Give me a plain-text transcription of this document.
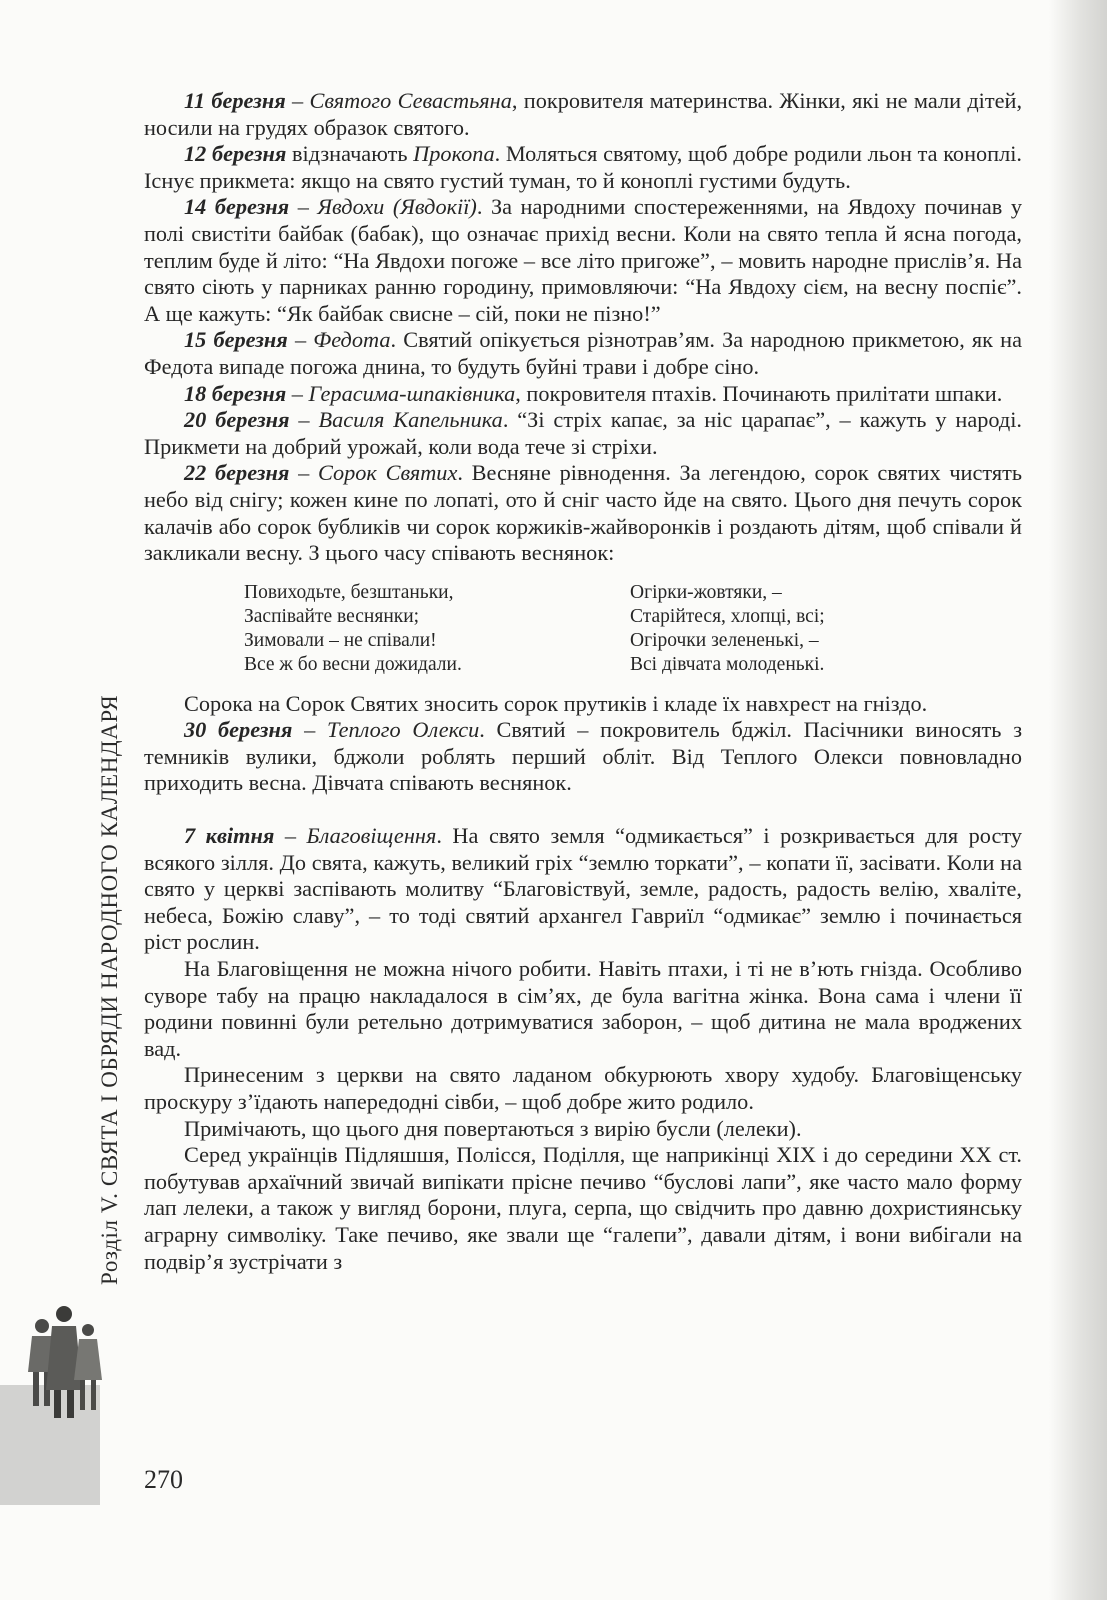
11 березня – Святого Севастьяна, покровителя материнства. Жінки, які не мали дітей, носили на грудях образок святого.

12 березня відзначають Прокопа. Моляться святому, щоб добре родили льон та коноплі. Існує прикмета: якщо на свято густий туман, то й коноплі густими будуть.

14 березня – Явдохи (Явдокії). За народними спостереженнями, на Явдоху починав у полі свистіти байбак (бабак), що означає прихід весни. Коли на свято тепла й ясна погода, теплим буде й літо: “На Явдохи погоже – все літо пригоже”, – мовить народне прислів’я. На свято сіють у парниках ранню городину, примовляючи: “На Явдоху сієм, на весну поспіє”. А ще кажуть: “Як байбак свисне – сій, поки не пізно!”

15 березня – Федота. Святий опікується різнотрав’ям. За народною прикметою, як на Федота випаде погожа днина, то будуть буйні трави і добре сіно.

18 березня – Герасима-шпаківника, покровителя птахів. Починають прилітати шпаки.

20 березня – Василя Капельника. “Зі стріх капає, за ніс царапає”, – кажуть у народі. Прикмети на добрий урожай, коли вода тече зі стріхи.

22 березня – Сорок Святих. Весняне рівнодення. За легендою, сорок святих чистять небо від снігу; кожен кине по лопаті, ото й сніг часто йде на свято. Цього дня печуть сорок калачів або сорок бубликів чи сорок коржиків-жайворонків і роздають дітям, щоб співали й закликали весну. З цього часу співають веснянок:

Повиходьте, безштаньки,
Заспівайте веснянки;
Зимовали – не співали!
Все ж бо весни дожидали.
Огірки-жовтяки, –
Старійтеся, хлопці, всі;
Огірочки зелененькі, –
Всі дівчата молоденькі.

Сорока на Сорок Святих зносить сорок прутиків і кладе їх навхрест на гніздо.

30 березня – Теплого Олекси. Святий – покровитель бджіл. Пасічники виносять з темників вулики, бджоли роблять перший обліт. Від Теплого Олекси повновладно приходить весна. Дівчата співають веснянок.

7 квітня – Благовіщення. На свято земля “одмикається” і розкривається для росту всякого зілля. До свята, кажуть, великий гріх “землю торкати”, – копати її, засівати. Коли на свято у церкві заспівають молитву “Благовіствуй, земле, радость, радость велію, хваліте, небеса, Божію славу”, – то тоді святий архангел Гавриїл “одмикає” землю і починається ріст рослин.

На Благовіщення не можна нічого робити. Навіть птахи, і ті не в’ють гнізда. Особливо суворе табу на працю накладалося в сім’ях, де була вагітна жінка. Вона сама і члени її родини повинні були ретельно дотримуватися заборон, – щоб дитина не мала вроджених вад.

Принесеним з церкви на свято ладаном обкурюють хвору худобу. Благовіщенську проскуру з’їдають напередодні сівби, – щоб добре жито родило.

Примічають, що цього дня повертаються з вирію бусли (лелеки).

Серед українців Підляшшя, Полісся, Поділля, ще наприкінці XIX і до середини XX ст. побутував архаїчний звичай випікати прісне печиво “буслові лапи”, яке часто мало форму лап лелеки, а також у вигляд борони, плуга, серпа, що свідчить про давню дохристиянську аграрну символіку. Таке печиво, яке звали ще “галепи”, давали дітям, і вони вибігали на подвір’я зустрічати з

Розділ V. СВЯТА І ОБРЯДИ НАРОДНОГО КАЛЕНДАРЯ
270
